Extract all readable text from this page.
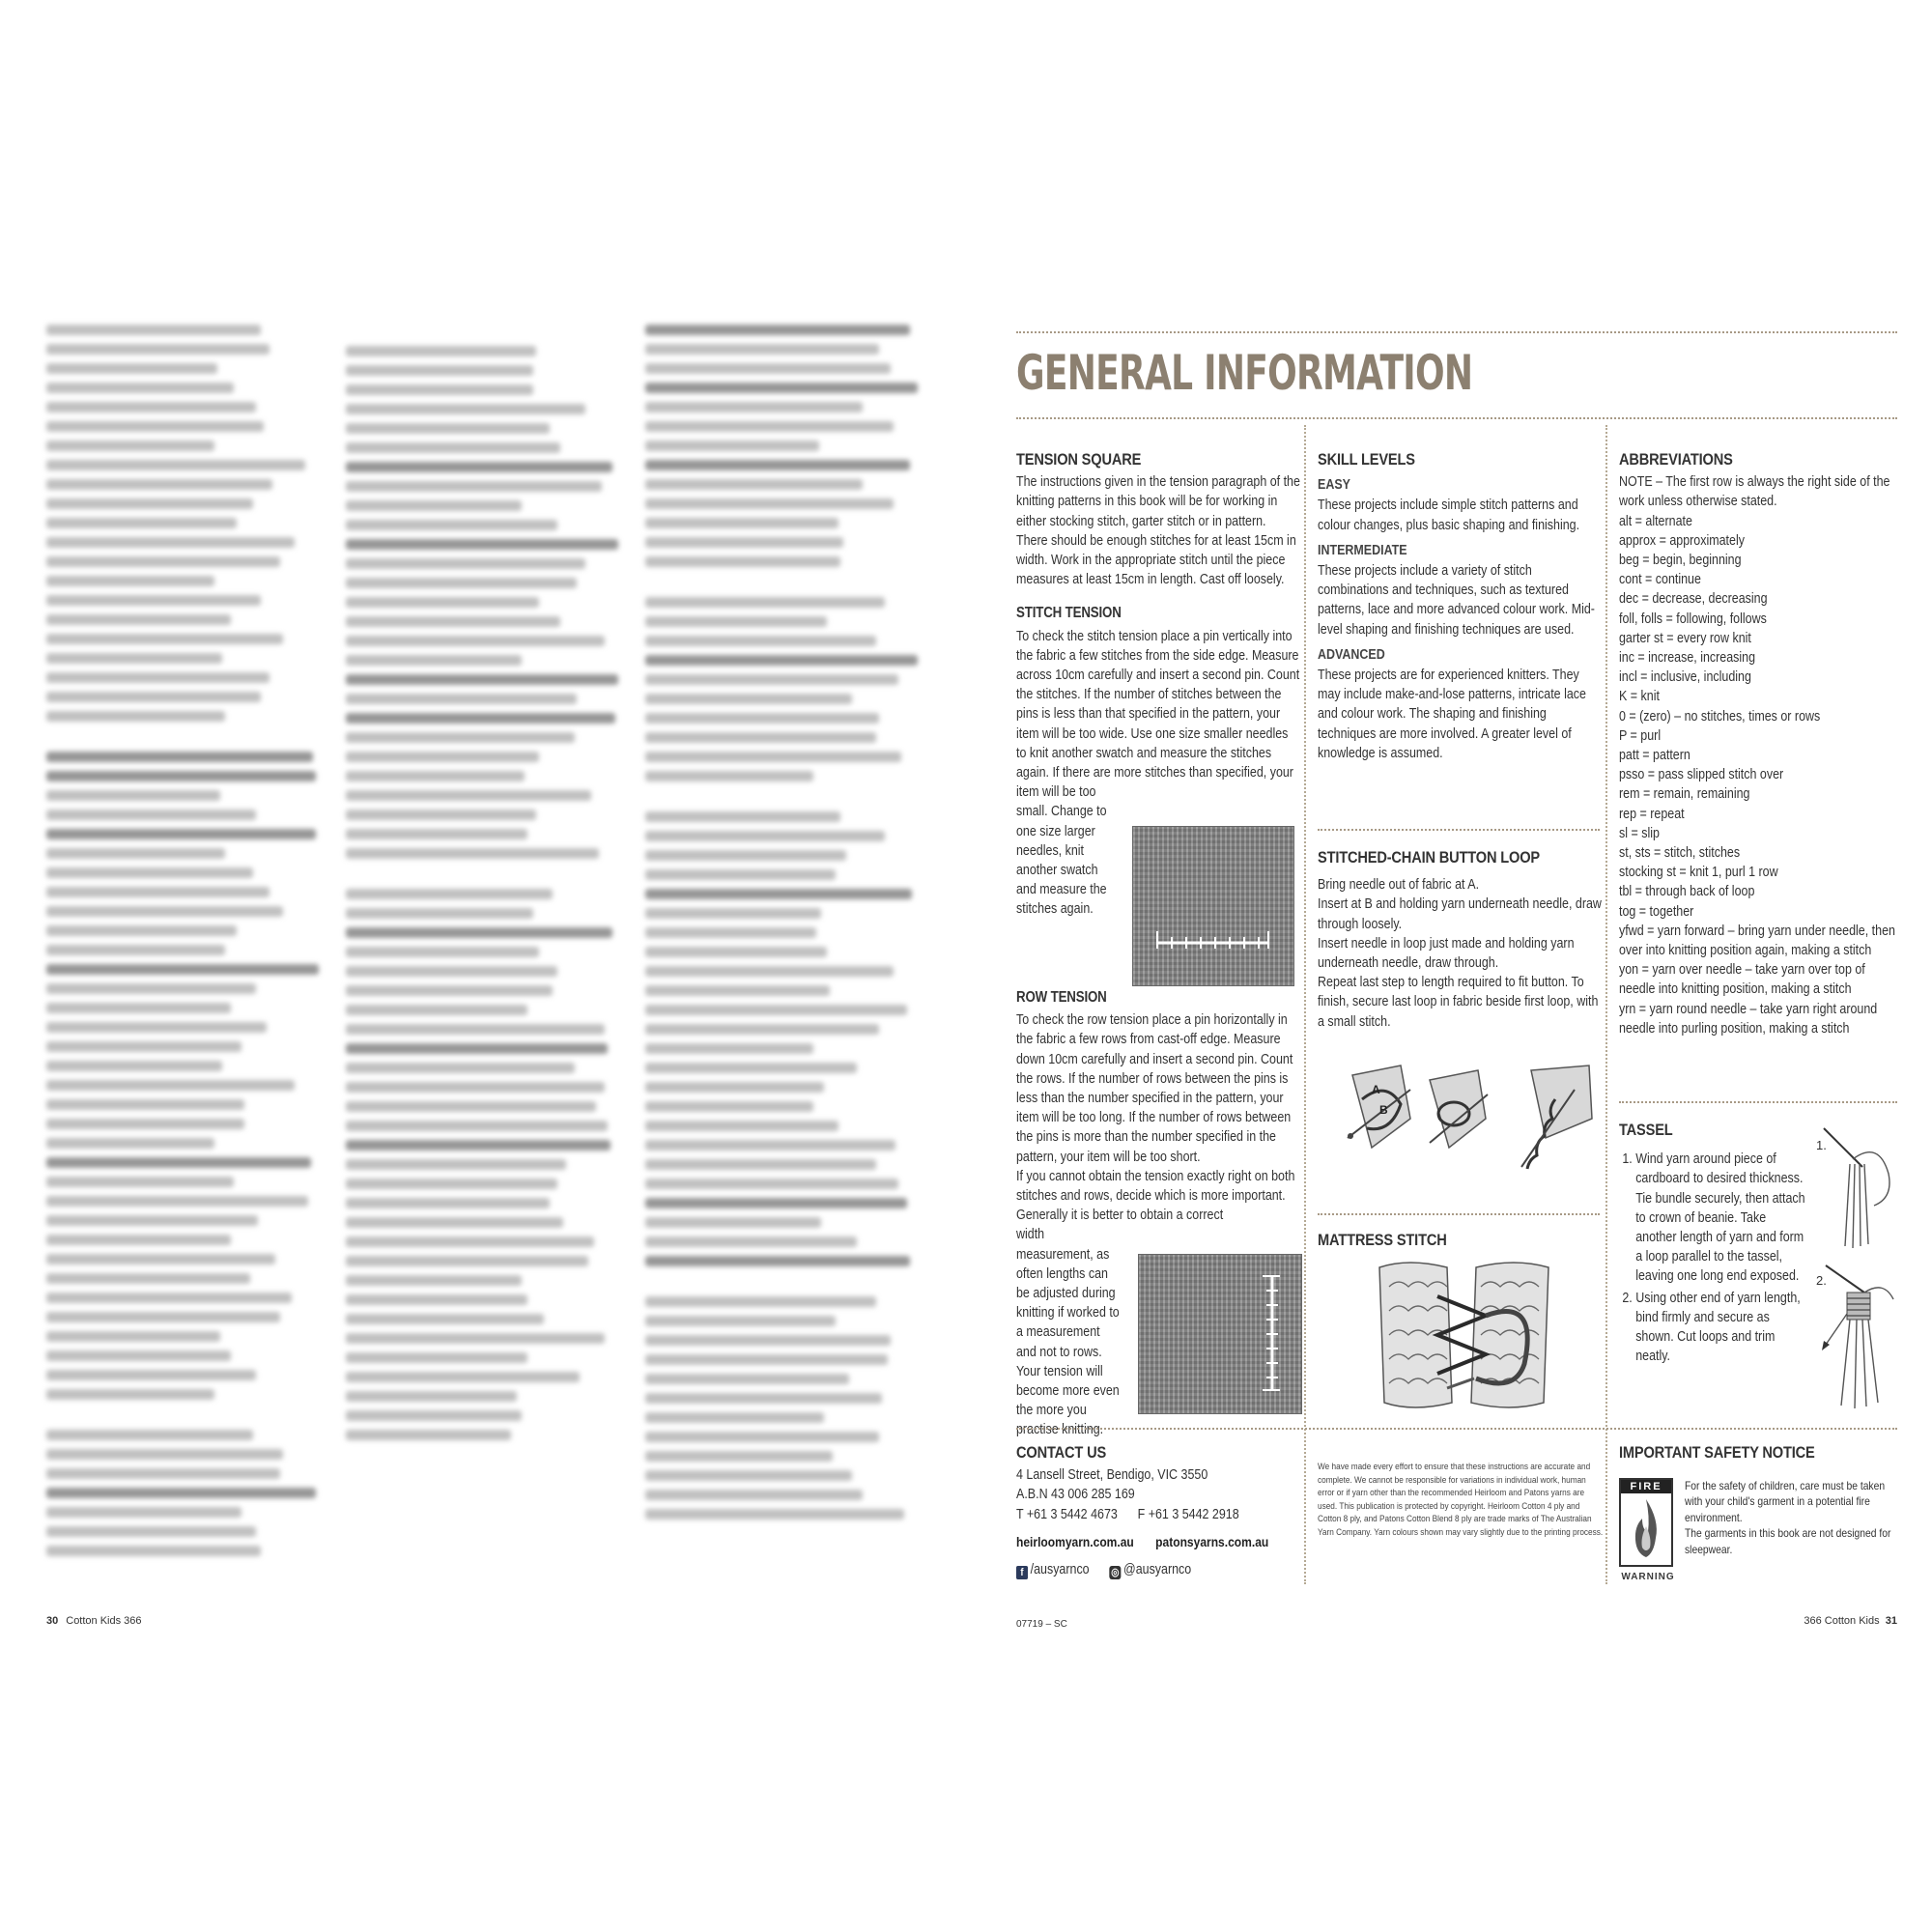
30 Cotton Kids 366
GENERAL INFORMATION
TENSION SQUARE

The instructions given in the tension paragraph of the knitting patterns in this book will be for working in either stocking stitch, garter stitch or in pattern. There should be enough stitches for at least 15cm in width. Work in the appropriate stitch until the piece measures at least 15cm in length. Cast off loosely.

STITCH TENSION

To check the stitch tension place a pin vertically into the fabric a few stitches from the side edge. Measure across 10cm carefully and insert a second pin. Count the stitches. If the number of stitches between the pins is less than that specified in the pattern, your item will be too wide. Use one size smaller needles to knit another swatch and measure the stitches again. If there are more stitches than specified, your

item will be too small. Change to one size larger needles, knit another swatch and measure the stitches again.

ROW TENSION

To check the row tension place a pin horizontally in the fabric a few rows from cast-off edge. Measure down 10cm carefully and insert a second pin. Count the rows. If the number of rows between the pins is less than the number specified in the pattern, your item will be too long. If the number of rows between the pins is more than the number specified in the pattern, your item will be too short.

If you cannot obtain the tension exactly right on both stitches and rows, decide which is more important. Generally it is better to obtain a correct

width measurement, as often lengths can be adjusted during knitting if worked to a measurement and not to rows. Your tension will become more even the more you practise knitting.

SKILL LEVELS
EASY

These projects include simple stitch patterns and colour changes, plus basic shaping and finishing.

INTERMEDIATE

These projects include a variety of stitch combinations and techniques, such as textured patterns, lace and more advanced colour work. Mid-level shaping and finishing techniques are used.

ADVANCED

These projects are for experienced knitters. They may include make-and-lose patterns, intricate lace and colour work. The shaping and finishing techniques are more involved. A greater level of knowledge is assumed.

STITCHED-CHAIN BUTTON LOOP

Bring needle out of fabric at A.

Insert at B and holding yarn underneath needle, draw through loosely.

Insert needle in loop just made and holding yarn underneath needle, draw through.

Repeat last step to length required to fit button. To finish, secure last loop in fabric beside first loop, with a small stitch.

A
B
MATTRESS STITCH
ABBREVIATIONS

NOTE – The first row is always the right side of the work unless otherwise stated.

alt = alternate
approx = approximately
beg = begin, beginning
cont = continue
dec = decrease, decreasing
foll, folls = following, follows
garter st = every row knit
inc = increase, increasing
incl = inclusive, including
K = knit
0 = (zero) – no stitches, times or rows
P = purl
patt = pattern
psso = pass slipped stitch over
rem = remain, remaining
rep = repeat
sl = slip
st, sts = stitch, stitches
stocking st = knit 1, purl 1 row
tbl = through back of loop
tog = together
yfwd = yarn forward – bring yarn under needle, then over into knitting position again, making a stitch
yon = yarn over needle – take yarn over top of needle into knitting position, making a stitch
yrn = yarn round needle – take yarn right around needle into purling position, making a stitch
TASSEL
1. Wind yarn around piece of cardboard to desired thickness. Tie bundle securely, then attach to crown of beanie. Take another length of yarn and form a loop parallel to the tassel, leaving one long end exposed.
2. Using other end of yarn length, bind firmly and secure as shown. Cut loops and trim neatly.
1.
2.
CONTACT US

4 Lansell Street, Bendigo, VIC 3550

A.B.N 43 006 285 169

T +61 3 5442 4673 F +61 3 5442 2918

heirloomyarn.com.au patonsyarns.com.au

f /ausyarnco ◎ @ausyarnco

We have made every effort to ensure that these instructions are accurate and complete. We cannot be responsible for variations in individual work, human error or if yarn other than the recommended Heirloom and Patons yarns are used. This publication is protected by copyright. Heirloom Cotton 4 ply and Cotton 8 ply, and Patons Cotton Blend 8 ply are trade marks of The Australian Yarn Company. Yarn colours shown may vary slightly due to the printing process.

IMPORTANT SAFETY NOTICE
FIRE
WARNING

For the safety of children, care must be taken with your child's garment in a potential fire environment.

The garments in this book are not designed for sleepwear.

07719 – SC	366 Cotton Kids 31
